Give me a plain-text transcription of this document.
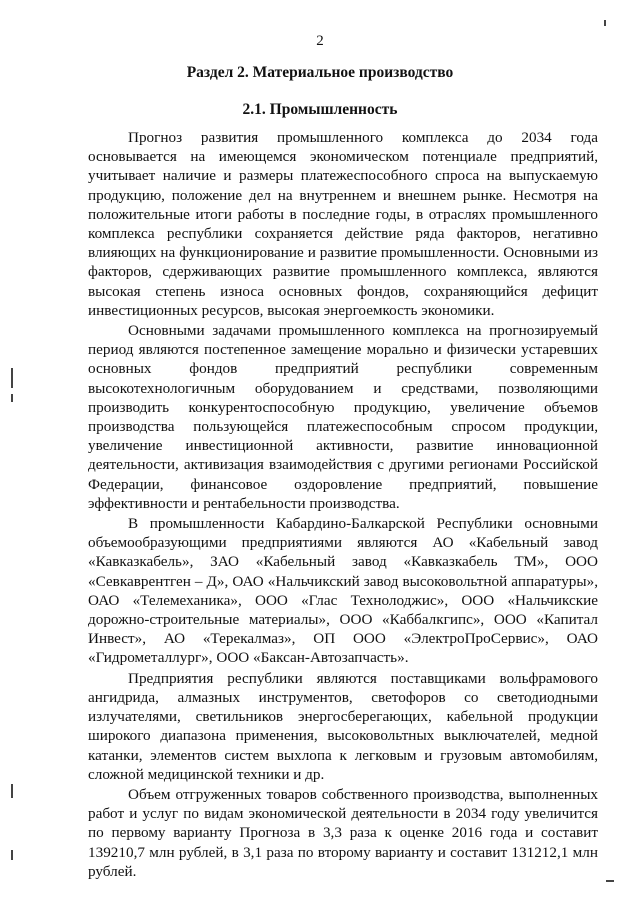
2
Раздел 2. Материальное производство
2.1. Промышленность

Прогноз развития промышленного комплекса до 2034 года основывается на имеющемся экономическом потенциале предприятий, учитывает наличие и размеры платежеспособного спроса на выпускаемую продукцию, положение дел на внутреннем и внешнем рынке. Несмотря на положительные итоги работы в последние годы, в отраслях промышленного комплекса республики сохраняется действие ряда факторов, негативно влияющих на функционирование и развитие промышленности. Основными из факторов, сдерживающих развитие промышленного комплекса, являются высокая степень износа основных фондов, сохраняющийся дефицит инвестиционных ресурсов, высокая энергоемкость экономики.

Основными задачами промышленного комплекса на прогнозируемый период являются постепенное замещение морально и физически устаревших основных фондов предприятий республики современным высокотехнологичным оборудованием и средствами, позволяющими производить конкурентоспособную продукцию, увеличение объемов производства пользующейся платежеспособным спросом продукции, увеличение инвестиционной активности, развитие инновационной деятельности, активизация взаимодействия с другими регионами Российской Федерации, финансовое оздоровление предприятий, повышение эффективности и рентабельности производства.

В промышленности Кабардино-Балкарской Республики основными объемообразующими предприятиями являются АО «Кабельный завод «Кавказкабель», ЗАО «Кабельный завод «Кавказкабель ТМ», ООО «Севкаврентген – Д», ОАО «Нальчикский завод высоковольтной аппаратуры», ОАО «Телемеханика», ООО «Глас Технолоджис», ООО «Нальчикские дорожно-строительные материалы», ООО «Каббалкгипс», ООО «Капитал Инвест», АО «Терекалмаз», ОП ООО «ЭлектроПроСервис», ОАО «Гидрометаллург», ООО «Баксан-Автозапчасть».

Предприятия республики являются поставщиками вольфрамового ангидрида, алмазных инструментов, светофоров со светодиодными излучателями, светильников энергосберегающих, кабельной продукции широкого диапазона применения, высоковольтных выключателей, медной катанки, элементов систем выхлопа к легковым и грузовым автомобилям, сложной медицинской техники и др.

Объем отгруженных товаров собственного производства, выполненных работ и услуг по видам экономической деятельности в 2034 году увеличится по первому варианту Прогноза в 3,3 раза к оценке 2016 года и составит 139210,7 млн рублей, в 3,1 раза по второму варианту и составит 131212,1 млн рублей.
